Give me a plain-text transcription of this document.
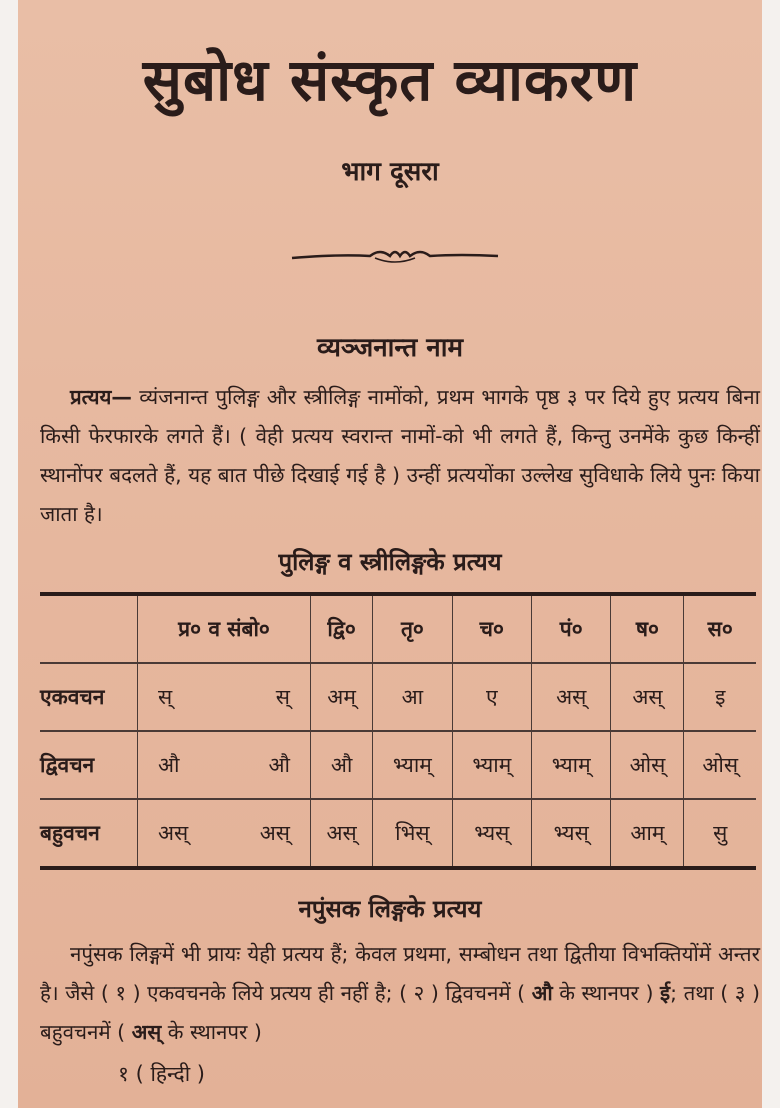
सुबोध संस्कृत व्याकरण
भाग दूसरा
व्यञ्जनान्त नाम
प्रत्यय— व्यंजनान्त पुलिङ्ग और स्त्रीलिङ्ग नामोंको, प्रथम भागके पृष्ठ ३ पर दिये हुए प्रत्यय बिना किसी फेरफारके लगते हैं। ( वेही प्रत्यय स्वरान्त नामों-को भी लगते हैं, किन्तु उनमेंके कुछ किन्हीं स्थानोंपर बदलते हैं, यह बात पीछे दिखाई गई है ) उन्हीं प्रत्ययोंका उल्लेख सुविधाके लिये पुनः किया जाता है।
पुलिङ्ग व स्त्रीलिङ्गके प्रत्यय
	प्र० व संबो०	द्वि०	तृ०	च०	पं०	ष०	स०
एकवचन	स् स्	अम्	आ	ए	अस्	अस्	इ
द्विवचन	औ औ	औ	भ्याम्	भ्याम्	भ्याम्	ओस्	ओस्
बहुवचन	अस् अस्	अस्	भिस्	भ्यस्	भ्यस्	आम्	सु
नपुंसक लिङ्गके प्रत्यय
नपुंसक लिङ्गमें भी प्रायः येही प्रत्यय हैं; केवल प्रथमा, सम्बोधन तथा द्वितीया विभक्तियोंमें अन्तर है। जैसे ( १ ) एकवचनके लिये प्रत्यय ही नहीं है; ( २ ) द्विवचनमें ( औ के स्थानपर ) ई; तथा ( ३ ) बहुवचनमें ( अस् के स्थानपर )
१ ( हिन्दी )
